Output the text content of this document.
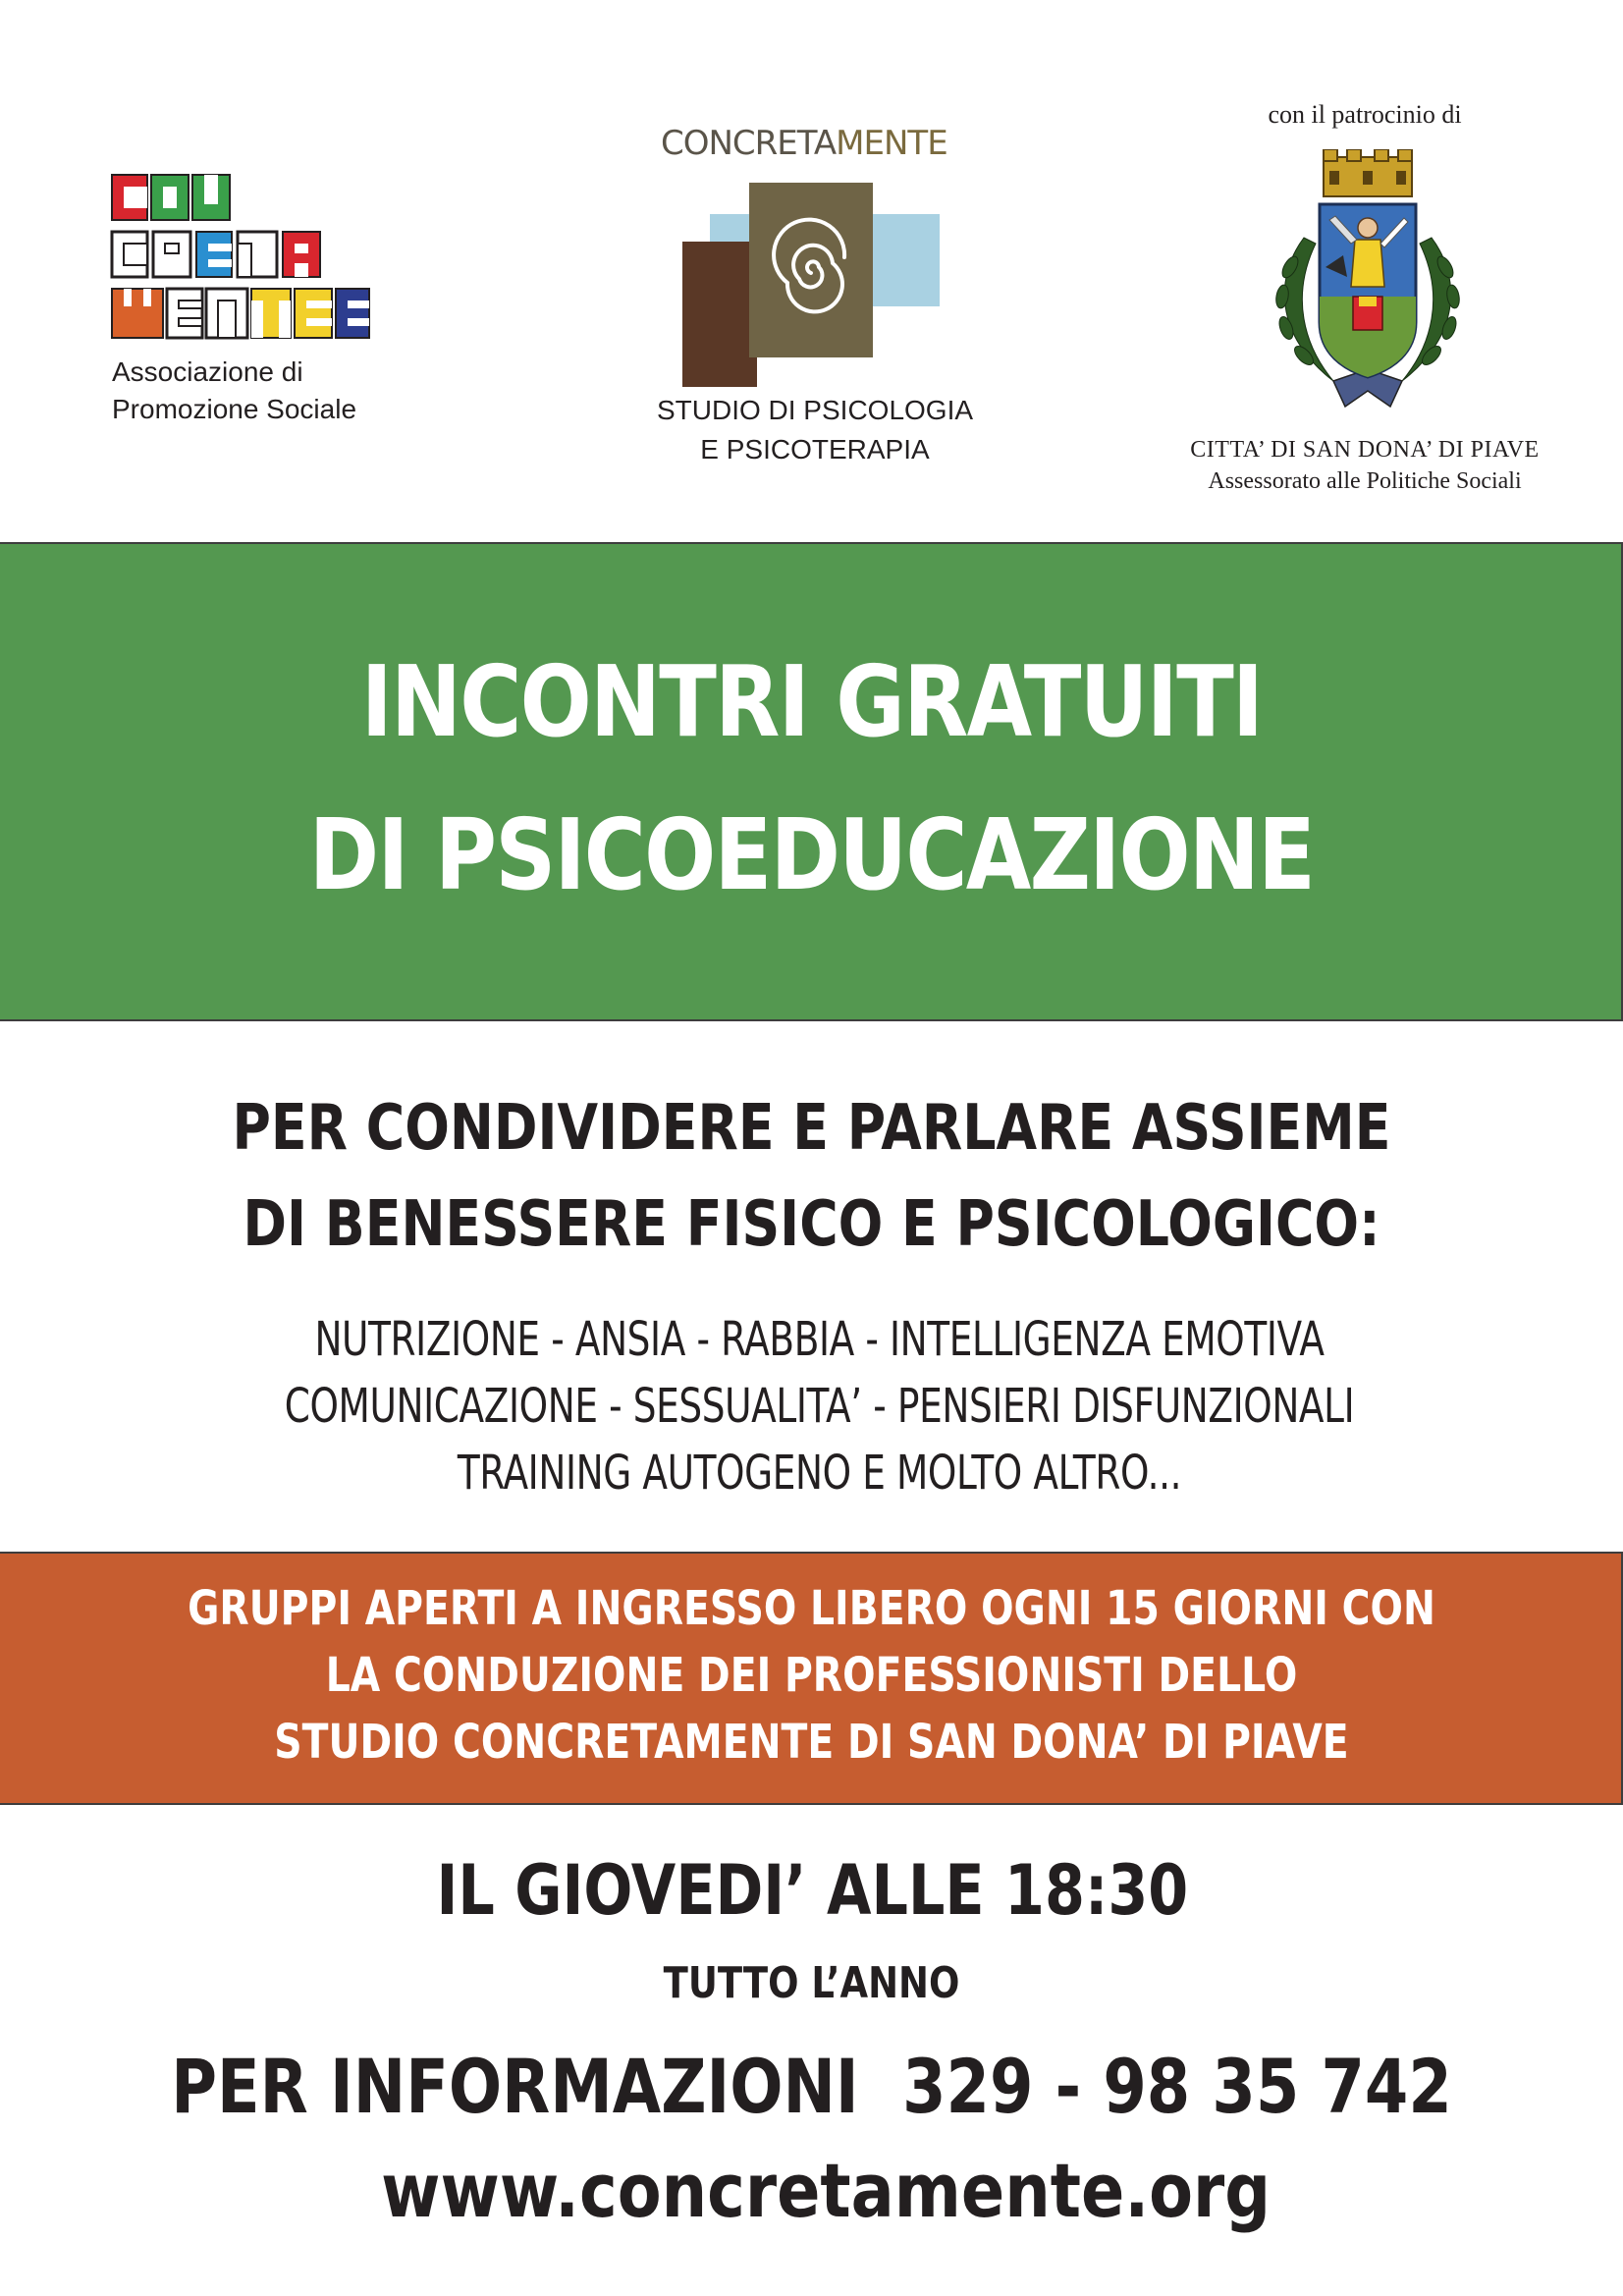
Associazione di
Promozione Sociale
CONCRETAMENTE
STUDIO DI PSICOLOGIA
E PSICOTERAPIA
con il patrocinio di
CITTA’ DI SAN DONA’ DI PIAVE
Assessorato alle Politiche Sociali
INCONTRI GRATUITI
DI PSICOEDUCAZIONE
PER CONDIVIDERE E PARLARE ASSIEME
DI BENESSERE FISICO E PSICOLOGICO:
NUTRIZIONE - ANSIA - RABBIA - INTELLIGENZA EMOTIVA
COMUNICAZIONE - SESSUALITA’ - PENSIERI DISFUNZIONALI
TRAINING AUTOGENO E MOLTO ALTRO...
GRUPPI APERTI A INGRESSO LIBERO OGNI 15 GIORNI CON
LA CONDUZIONE DEI PROFESSIONISTI DELLO
STUDIO CONCRETAMENTE DI SAN DONA’ DI PIAVE
IL GIOVEDI’ ALLE 18:30
TUTTO L’ANNO
PER INFORMAZIONI  329 - 98 35 742
www.concretamente.org
